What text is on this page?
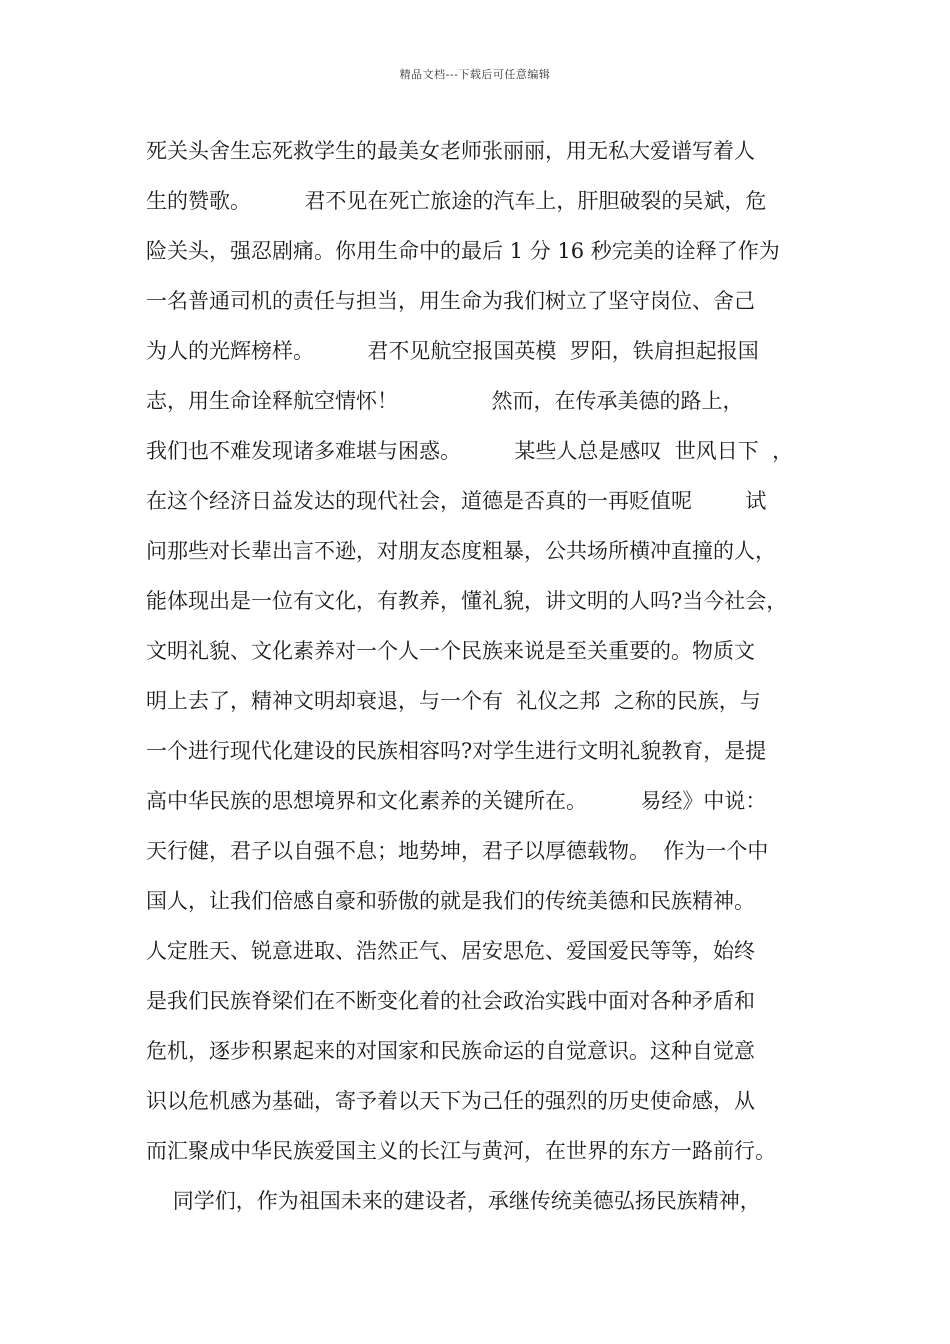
精品文档---下载后可任意编辑
死关头舍生忘死救学生的最美女老师张丽丽，用无私大爱谱写着人
生的赞歌。        君不见在死亡旅途的汽车上，肝胆破裂的吴斌，危
险关头，强忍剧痛。你用生命中的最后 1 分 16 秒完美的诠释了作为
一名普通司机的责任与担当，用生命为我们树立了坚守岗位、舍己
为人的光辉榜样。        君不见航空报国英模  罗阳，铁肩担起报国
志，用生命诠释航空情怀！              然而，在传承美德的路上，
我们也不难发现诸多难堪与困惑。        某些人总是感叹  世风日下  ，
在这个经济日益发达的现代社会，道德是否真的一再贬值呢        试
问那些对长辈出言不逊，对朋友态度粗暴，公共场所横冲直撞的人，
能体现出是一位有文化，有教养，懂礼貌，讲文明的人吗?当今社会，
文明礼貌、文化素养对一个人一个民族来说是至关重要的。物质文
明上去了，精神文明却衰退，与一个有  礼仪之邦  之称的民族，与
一个进行现代化建设的民族相容吗?对学生进行文明礼貌教育，是提
高中华民族的思想境界和文化素养的关键所在。        易经》中说：
天行健，君子以自强不息；地势坤，君子以厚德载物。  作为一个中
国人，让我们倍感自豪和骄傲的就是我们的传统美德和民族精神。
人定胜天、锐意进取、浩然正气、居安思危、爱国爱民等等，始终
是我们民族脊梁们在不断变化着的社会政治实践中面对各种矛盾和
危机，逐步积累起来的对国家和民族命运的自觉意识。这种自觉意
识以危机感为基础，寄予着以天下为己任的强烈的历史使命感，从
而汇聚成中华民族爱国主义的长江与黄河，在世界的东方一路前行。
同学们，作为祖国未来的建设者，承继传统美德弘扬民族精神，
